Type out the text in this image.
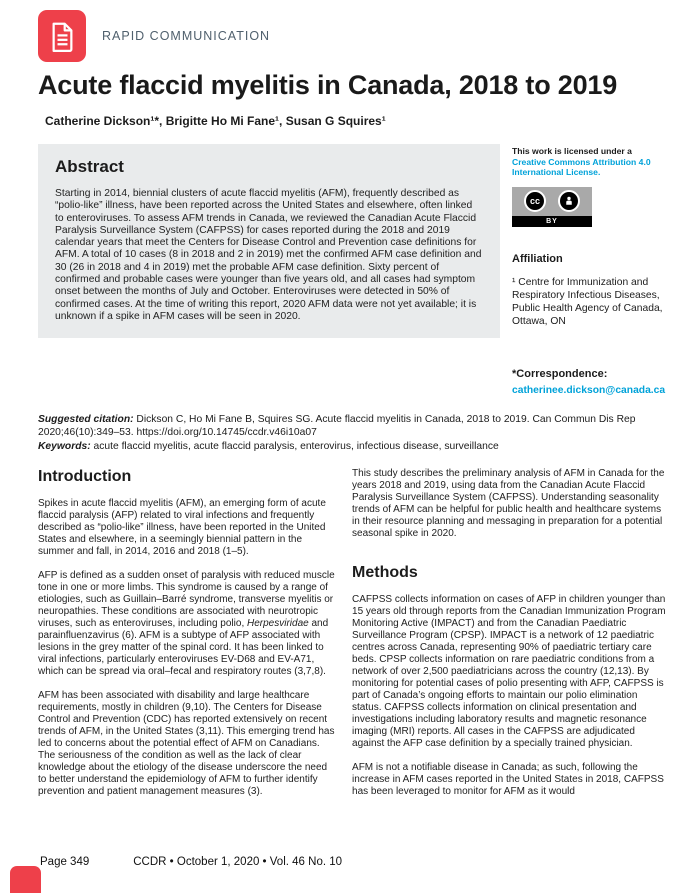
RAPID COMMUNICATION
Acute flaccid myelitis in Canada, 2018 to 2019
Catherine Dickson¹*, Brigitte Ho Mi Fane¹, Susan G Squires¹
Abstract
Starting in 2014, biennial clusters of acute flaccid myelitis (AFM), frequently described as “polio-like” illness, have been reported across the United States and elsewhere, often linked to enteroviruses. To assess AFM trends in Canada, we reviewed the Canadian Acute Flaccid Paralysis Surveillance System (CAFPSS) for cases reported during the 2018 and 2019 calendar years that meet the Centers for Disease Control and Prevention case definitions for AFM. A total of 10 cases (8 in 2018 and 2 in 2019) met the confirmed AFM case definition and 30 (26 in 2018 and 4 in 2019) met the probable AFM case definition. Sixty percent of confirmed and probable cases were younger than five years old, and all cases had symptom onset between the months of July and October. Enteroviruses were detected in 50% of confirmed cases. At the time of writing this report, 2020 AFM data were not yet available; it is unknown if a spike in AFM cases will be seen in 2020.
This work is licensed under a Creative Commons Attribution 4.0 International License.
cc
BY
Affiliation
¹ Centre for Immunization and Respiratory Infectious Diseases, Public Health Agency of Canada, Ottawa, ON
*Correspondence:
catherinee.dickson@canada.ca

Suggested citation: Dickson C, Ho Mi Fane B, Squires SG. Acute flaccid myelitis in Canada, 2018 to 2019. Can Commun Dis Rep 2020;46(10):349–53. https://doi.org/10.14745/ccdr.v46i10a07

Keywords: acute flaccid myelitis, acute flaccid paralysis, enterovirus, infectious disease, surveillance

Introduction

Spikes in acute flaccid myelitis (AFM), an emerging form of acute flaccid paralysis (AFP) related to viral infections and frequently described as “polio-like” illness, have been reported in the United States and elsewhere, in a seemingly biennial pattern in the summer and fall, in 2014, 2016 and 2018 (1–5).

AFP is defined as a sudden onset of paralysis with reduced muscle tone in one or more limbs. This syndrome is caused by a range of etiologies, such as Guillain–Barré syndrome, transverse myelitis or neuropathies. These conditions are associated with neurotropic viruses, such as enteroviruses, including polio, Herpesviridae and parainfluenzavirus (6). AFM is a subtype of AFP associated with lesions in the grey matter of the spinal cord. It has been linked to viral infections, particularly enteroviruses EV-D68 and EV-A71, which can be spread via oral–fecal and respiratory routes (3,7,8).

AFM has been associated with disability and large healthcare requirements, mostly in children (9,10). The Centers for Disease Control and Prevention (CDC) has reported extensively on recent trends of AFM, in the United States (3,11). This emerging trend has led to concerns about the potential effect of AFM on Canadians. The seriousness of the condition as well as the lack of clear knowledge about the etiology of the disease underscore the need to better understand the epidemiology of AFM to further identify prevention and patient management measures (3).

This study describes the preliminary analysis of AFM in Canada for the years 2018 and 2019, using data from the Canadian Acute Flaccid Paralysis Surveillance System (CAFPSS). Understanding seasonality trends of AFM can be helpful for public health and healthcare systems in their resource planning and messaging in preparation for a potential seasonal spike in 2020.

Methods

CAFPSS collects information on cases of AFP in children younger than 15 years old through reports from the Canadian Immunization Program Monitoring Active (IMPACT) and from the Canadian Paediatric Surveillance Program (CPSP). IMPACT is a network of 12 paediatric centres across Canada, representing 90% of paediatric tertiary care beds. CPSP collects information on rare paediatric conditions from a network of over 2,500 paediatricians across the country (12,13). By monitoring for potential cases of polio presenting with AFP, CAFPSS is part of Canada’s ongoing efforts to maintain our polio elimination status. CAFPSS collects information on clinical presentation and investigations including laboratory results and magnetic resonance imaging (MRI) reports. All cases in the CAFPSS are adjudicated against the AFP case definition by a specially trained physician.

AFM is not a notifiable disease in Canada; as such, following the increase in AFM cases reported in the United States in 2018, CAFPSS has been leveraged to monitor for AFM as it would

Page 349	CCDR • October 1, 2020 • Vol. 46 No. 10
